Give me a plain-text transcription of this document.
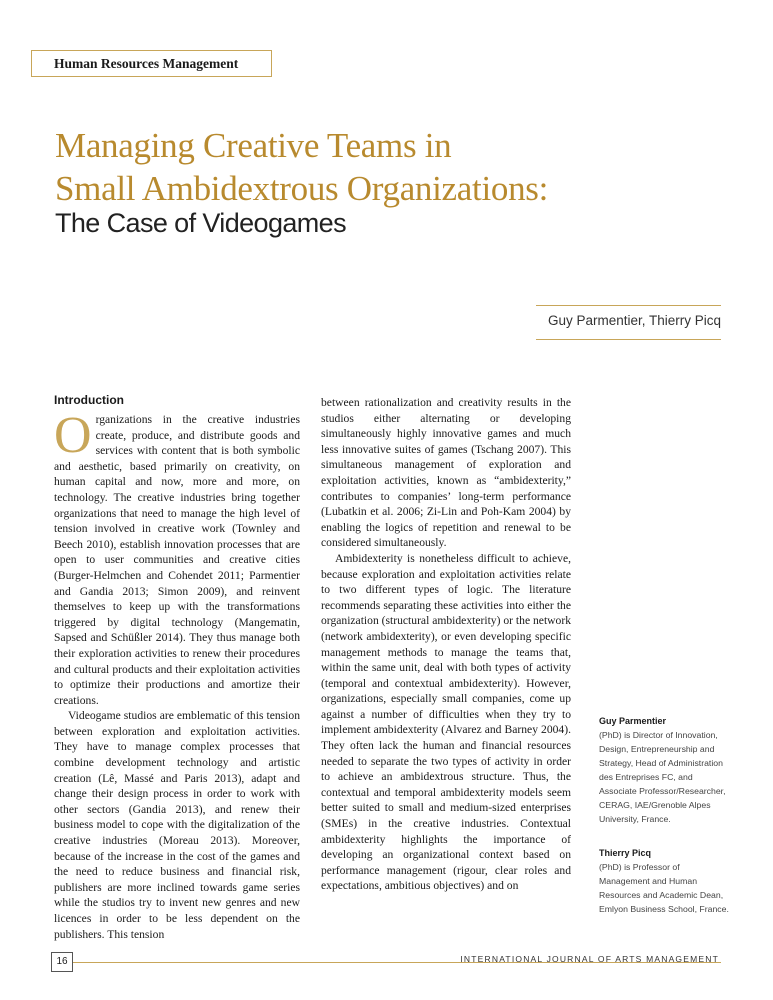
Human Resources Management
Managing Creative Teams in
Small Ambidextrous Organizations:
The Case of Videogames
Guy Parmentier, Thierry Picq
Introduction

Organizations in the creative industries create, produce, and distribute goods and services with content that is both symbolic and aesthetic, based primarily on creativity, on human capital and now, more and more, on technology. The creative industries bring together organizations that need to manage the high level of tension involved in creative work (Townley and Beech 2010), establish innovation processes that are open to user communities and creative cities (Burger-Helmchen and Cohendet 2011; Parmentier and Gandia 2013; Simon 2009), and reinvent themselves to keep up with the transformations triggered by digital technology (Mangematin, Sapsed and Schüßler 2014). They thus manage both their exploration activities to renew their procedures and cultural products and their exploitation activities to optimize their productions and amortize their creations.

Videogame studios are emblematic of this tension between exploration and exploitation activities. They have to manage complex processes that combine development technology and artistic creation (Lê, Massé and Paris 2013), adapt and change their design process in order to work with other sectors (Gandia 2013), and renew their business model to cope with the digitalization of the creative industries (Moreau 2013). Moreover, because of the increase in the cost of the games and the need to reduce business and financial risk, publishers are more inclined towards game series while the studios try to invent new genres and new licences in order to be less dependent on the publishers. This tension

between rationalization and creativity results in the studios either alternating or developing simultaneously highly innovative games and much less innovative suites of games (Tschang 2007). This simultaneous management of exploration and exploitation activities, known as “ambidexterity,” contributes to companies’ long-term performance (Lubatkin et al. 2006; Zi-Lin and Poh-Kam 2004) by enabling the logics of repetition and renewal to be considered simultaneously.

Ambidexterity is nonetheless difficult to achieve, because exploration and exploitation activities relate to two different types of logic. The literature recommends separating these activities into either the organization (structural ambidexterity) or the network (network ambidexterity), or even developing specific management methods to manage the teams that, within the same unit, deal with both types of activity (temporal and contextual ambidexterity). However, organizations, especially small companies, come up against a number of difficulties when they try to implement ambidexterity (Alvarez and Barney 2004). They often lack the human and financial resources needed to separate the two types of activity in order to achieve an ambidextrous structure. Thus, the contextual and temporal ambidexterity models seem better suited to small and medium-sized enterprises (SMEs) in the creative industries. Contextual ambidexterity highlights the importance of developing an organizational context based on performance management (rigour, clear roles and expectations, ambitious objectives) and on

Guy Parmentier
(PhD) is Director of Innovation, Design, Entrepreneurship and Strategy, Head of Administration des Entreprises FC, and Associate Professor/Researcher, CERAG, IAE/Grenoble Alpes University, France.
Thierry Picq
(PhD) is Professor of Management and Human Resources and Academic Dean, Emlyon Business School, France.
16	INTERNATIONAL JOURNAL OF ARTS MANAGEMENT
